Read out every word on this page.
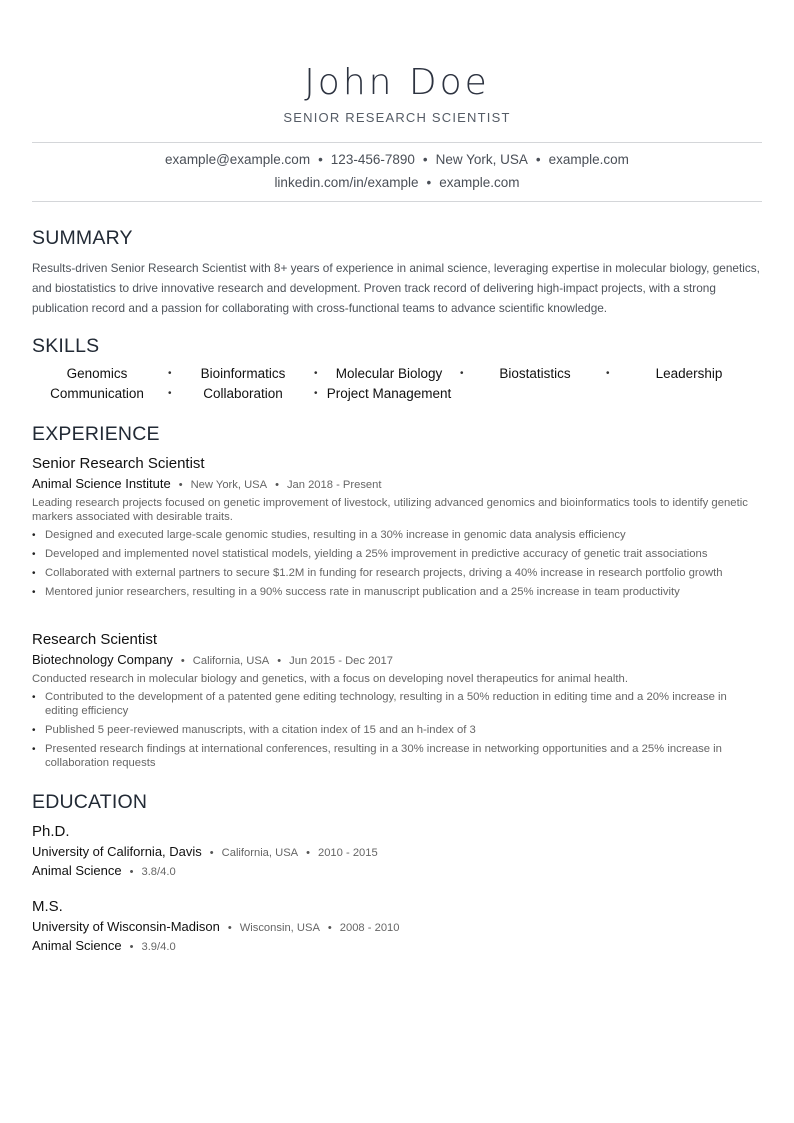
John Doe
SENIOR RESEARCH SCIENTIST
example@example.com • 123-456-7890 • New York, USA • example.com
linkedin.com/in/example • example.com
SUMMARY
Results-driven Senior Research Scientist with 8+ years of experience in animal science, leveraging expertise in molecular biology, genetics, and biostatistics to drive innovative research and development. Proven track record of delivering high-impact projects, with a strong publication record and a passion for collaborating with cross-functional teams to advance scientific knowledge.
SKILLS
Genomics	•	Bioinformatics	•	Molecular Biology	•	Biostatistics	•	Leadership
Communication	•	Collaboration	• Project Management
EXPERIENCE
Senior Research Scientist
Animal Science Institute • New York, USA • Jan 2018 - Present
Leading research projects focused on genetic improvement of livestock, utilizing advanced genomics and bioinformatics tools to identify genetic markers associated with desirable traits.
• Designed and executed large-scale genomic studies, resulting in a 30% increase in genomic data analysis efficiency
• Developed and implemented novel statistical models, yielding a 25% improvement in predictive accuracy of genetic trait associations
• Collaborated with external partners to secure $1.2M in funding for research projects, driving a 40% increase in research portfolio growth
• Mentored junior researchers, resulting in a 90% success rate in manuscript publication and a 25% increase in team productivity
Research Scientist
Biotechnology Company • California, USA • Jun 2015 - Dec 2017
Conducted research in molecular biology and genetics, with a focus on developing novel therapeutics for animal health.
• Contributed to the development of a patented gene editing technology, resulting in a 50% reduction in editing time and a 20% increase in editing efficiency
• Published 5 peer-reviewed manuscripts, with a citation index of 15 and an h-index of 3
• Presented research findings at international conferences, resulting in a 30% increase in networking opportunities and a 25% increase in collaboration requests
EDUCATION
Ph.D.
University of California, Davis • California, USA • 2010 - 2015
Animal Science • 3.8/4.0
M.S.
University of Wisconsin-Madison • Wisconsin, USA • 2008 - 2010
Animal Science • 3.9/4.0
